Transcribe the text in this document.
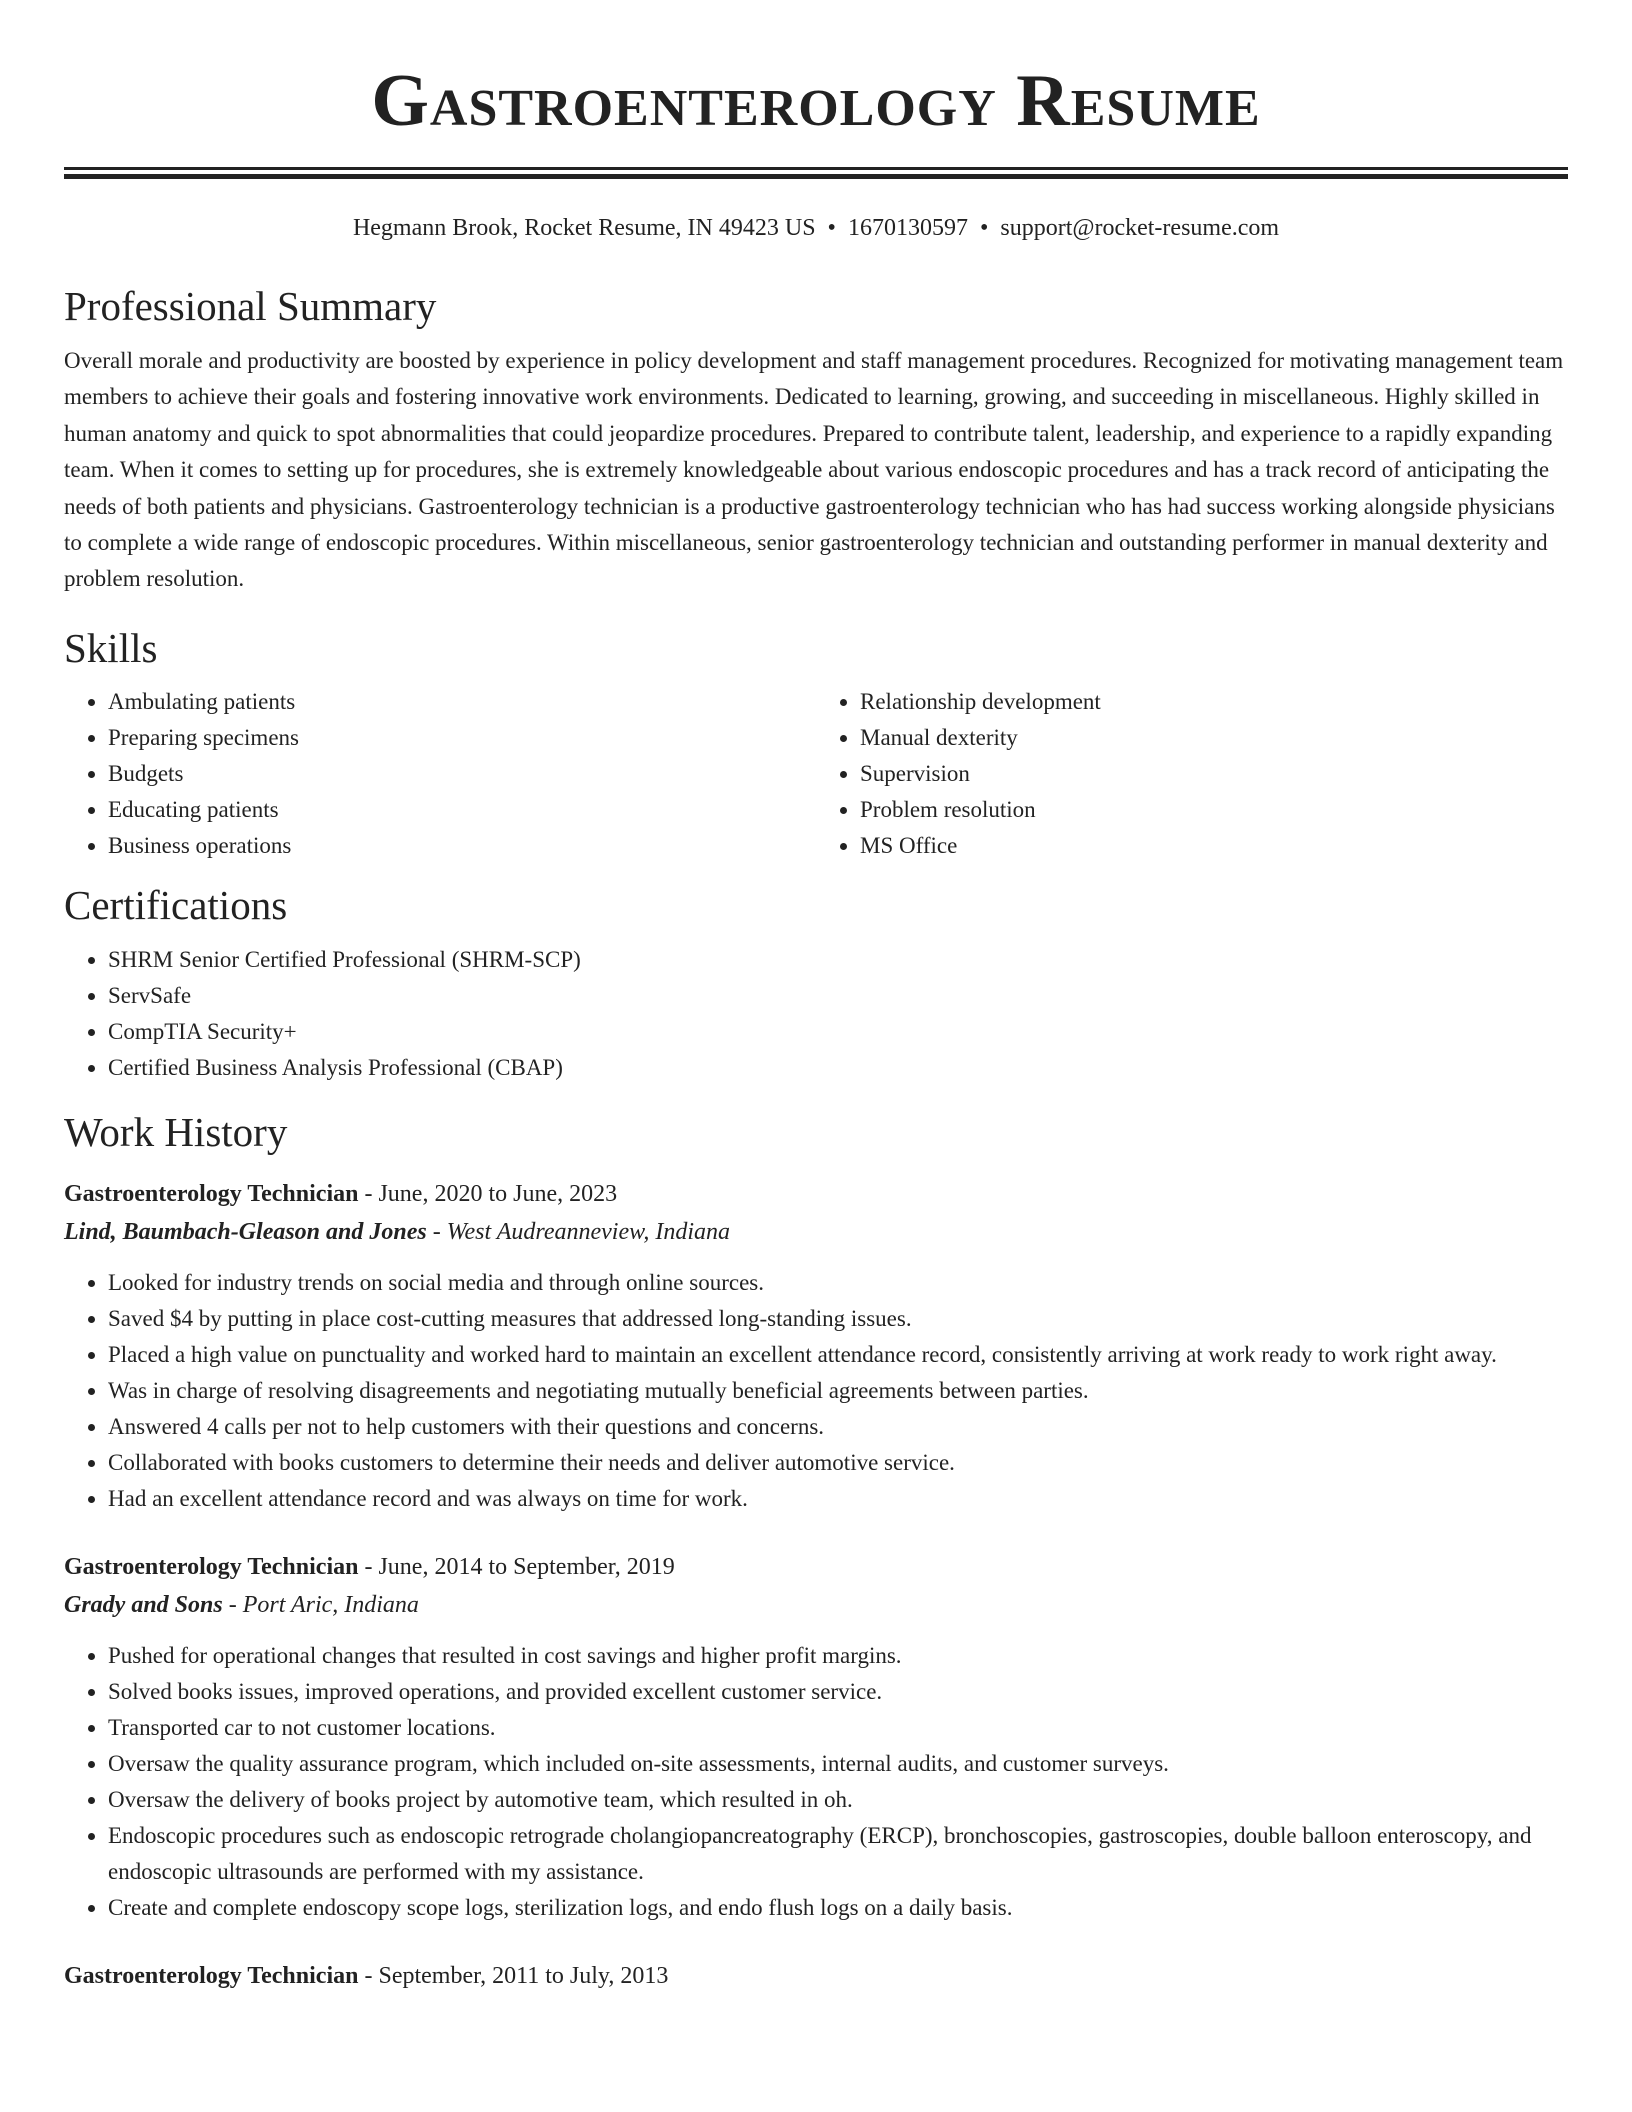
Gastroenterology Resume
Hegmann Brook, Rocket Resume, IN 49423 US • 1670130597 • support@rocket-resume.com
Professional Summary

Overall morale and productivity are boosted by experience in policy development and staff management procedures. Recognized for motivating management team members to achieve their goals and fostering innovative work environments. Dedicated to learning, growing, and succeeding in miscellaneous. Highly skilled in human anatomy and quick to spot abnormalities that could jeopardize procedures. Prepared to contribute talent, leadership, and experience to a rapidly expanding team. When it comes to setting up for procedures, she is extremely knowledgeable about various endoscopic procedures and has a track record of anticipating the needs of both patients and physicians. Gastroenterology technician is a productive gastroenterology technician who has had success working alongside physicians to complete a wide range of endoscopic procedures. Within miscellaneous, senior gastroenterology technician and outstanding performer in manual dexterity and problem resolution.

Skills
• Ambulating patients
• Preparing specimens
• Budgets
• Educating patients
• Business operations
• Relationship development
• Manual dexterity
• Supervision
• Problem resolution
• MS Office
Certifications
• SHRM Senior Certified Professional (SHRM-SCP)
• ServSafe
• CompTIA Security+
• Certified Business Analysis Professional (CBAP)
Work History
Gastroenterology Technician - June, 2020 to June, 2023
Lind, Baumbach-Gleason and Jones - West Audreanneview, Indiana
• Looked for industry trends on social media and through online sources.
• Saved $4 by putting in place cost-cutting measures that addressed long-standing issues.
• Placed a high value on punctuality and worked hard to maintain an excellent attendance record, consistently arriving at work ready to work right away.
• Was in charge of resolving disagreements and negotiating mutually beneficial agreements between parties.
• Answered 4 calls per not to help customers with their questions and concerns.
• Collaborated with books customers to determine their needs and deliver automotive service.
• Had an excellent attendance record and was always on time for work.
Gastroenterology Technician - June, 2014 to September, 2019
Grady and Sons - Port Aric, Indiana
• Pushed for operational changes that resulted in cost savings and higher profit margins.
• Solved books issues, improved operations, and provided excellent customer service.
• Transported car to not customer locations.
• Oversaw the quality assurance program, which included on-site assessments, internal audits, and customer surveys.
• Oversaw the delivery of books project by automotive team, which resulted in oh.
• Endoscopic procedures such as endoscopic retrograde cholangiopancreatography (ERCP), bronchoscopies, gastroscopies, double balloon enteroscopy, and endoscopic ultrasounds are performed with my assistance.
• Create and complete endoscopy scope logs, sterilization logs, and endo flush logs on a daily basis.
Gastroenterology Technician - September, 2011 to July, 2013
